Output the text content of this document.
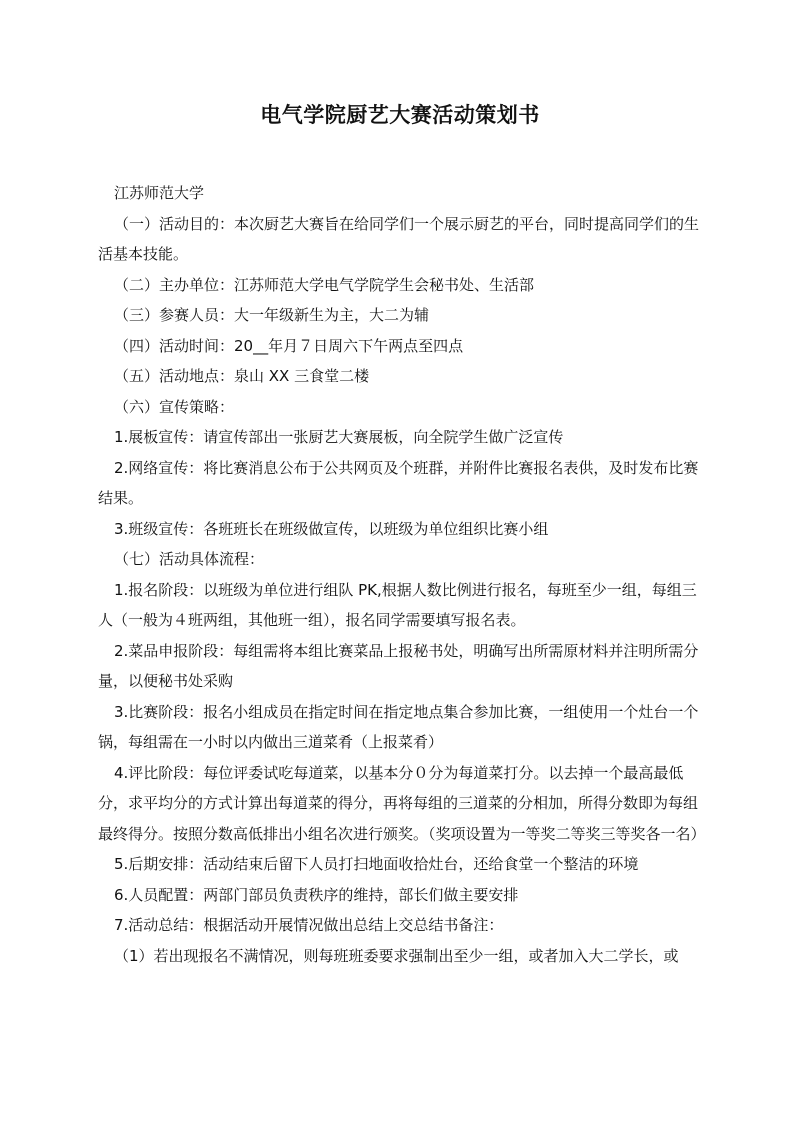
电气学院厨艺大赛活动策划书

江苏师范大学

（一）活动目的：本次厨艺大赛旨在给同学们一个展示厨艺的平台，同时提高同学们的生活基本技能。

（二）主办单位：江苏师范大学电气学院学生会秘书处、生活部

（三）参赛人员：大一年级新生为主，大二为辅

（四）活动时间：20__年月７日周六下午两点至四点

（五）活动地点：泉山 XX 三食堂二楼

（六）宣传策略：

1.展板宣传：请宣传部出一张厨艺大赛展板，向全院学生做广泛宣传

2.网络宣传：将比赛消息公布于公共网页及个班群，并附件比赛报名表供，及时发布比赛结果。

3.班级宣传：各班班长在班级做宣传，以班级为单位组织比赛小组

（七）活动具体流程：

1.报名阶段：以班级为单位进行组队 PK,根据人数比例进行报名，每班至少一组，每组三人（一般为４班两组，其他班一组），报名同学需要填写报名表。

2.菜品申报阶段：每组需将本组比赛菜品上报秘书处，明确写出所需原材料并注明所需分量，以便秘书处采购

3.比赛阶段：报名小组成员在指定时间在指定地点集合参加比赛，一组使用一个灶台一个锅，每组需在一小时以内做出三道菜肴（上报菜肴）

4.评比阶段：每位评委试吃每道菜，以基本分０分为每道菜打分。以去掉一个最高最低分，求平均分的方式计算出每道菜的得分，再将每组的三道菜的分相加，所得分数即为每组最终得分。按照分数高低排出小组名次进行颁奖。（奖项设置为一等奖二等奖三等奖各一名）

5.后期安排：活动结束后留下人员打扫地面收拾灶台，还给食堂一个整洁的环境

6.人员配置：两部门部员负责秩序的维持，部长们做主要安排

7.活动总结：根据活动开展情况做出总结上交总结书备注：

（1）若出现报名不满情况，则每班班委要求强制出至少一组，或者加入大二学长，或
